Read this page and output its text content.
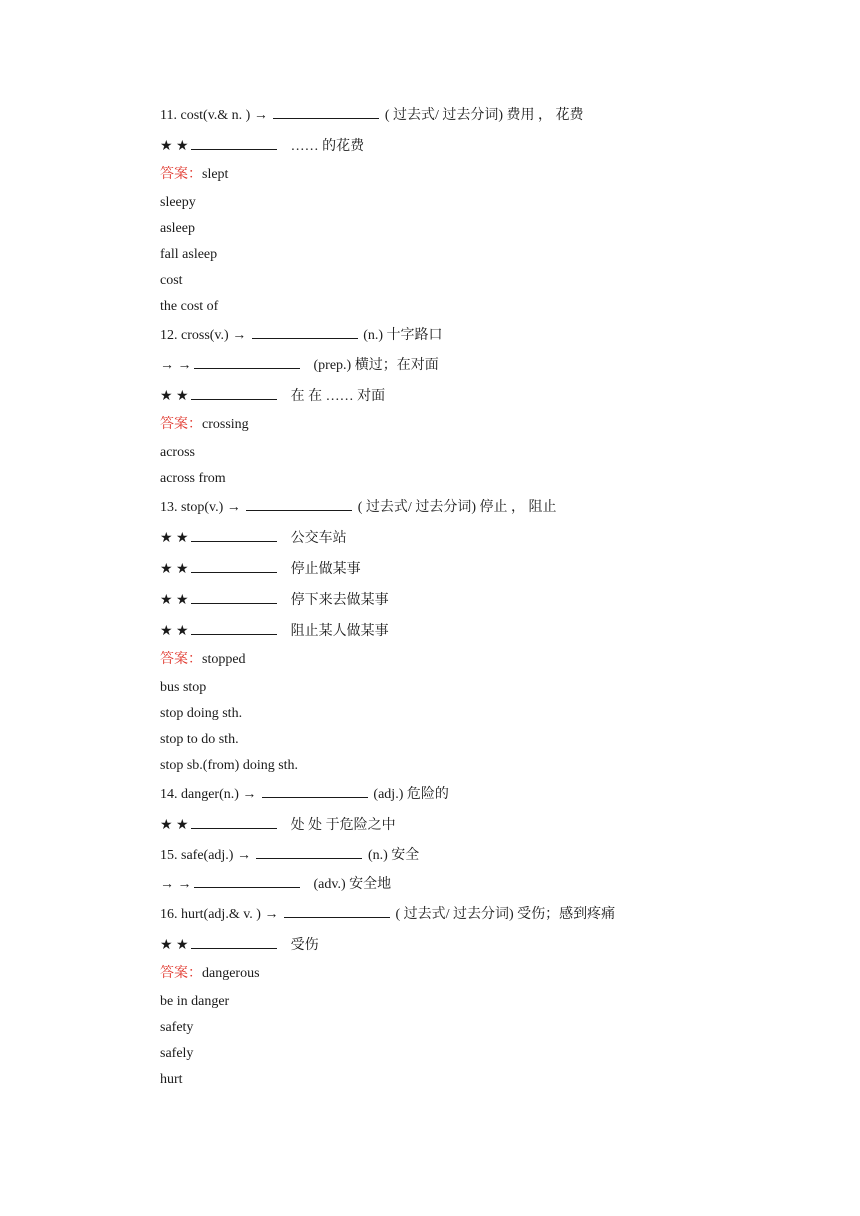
11. cost(v.& n. ) →	( 过去式/ 过去分词) 费用 ， 花费
★ ★	…… 的花费
答案：slept
sleepy
asleep
fall asleep
cost
the cost of
12. cross(v.) →	(n.) 十字路口
→ →	(prep.) 横过；在对面
★ ★	在 在 …… 对面
答案：crossing
across
across from
13. stop(v.) →	( 过去式/ 过去分词) 停止 ， 阻止
★ ★	公交车站
★ ★	停止做某事
★ ★	停下来去做某事
★ ★	阻止某人做某事
答案：stopped
bus stop
stop doing sth.
stop to do sth.
stop sb.(from) doing sth.
14. danger(n.) →	(adj.) 危险的
★ ★	处 处 于危险之中
15. safe(adj.) →	(n.) 安全
→ →	(adv.) 安全地
16. hurt(adj.& v. ) →	( 过去式/ 过去分词) 受伤；感到疼痛
★ ★	受伤
答案：dangerous
be in danger
safety
safely
hurt
